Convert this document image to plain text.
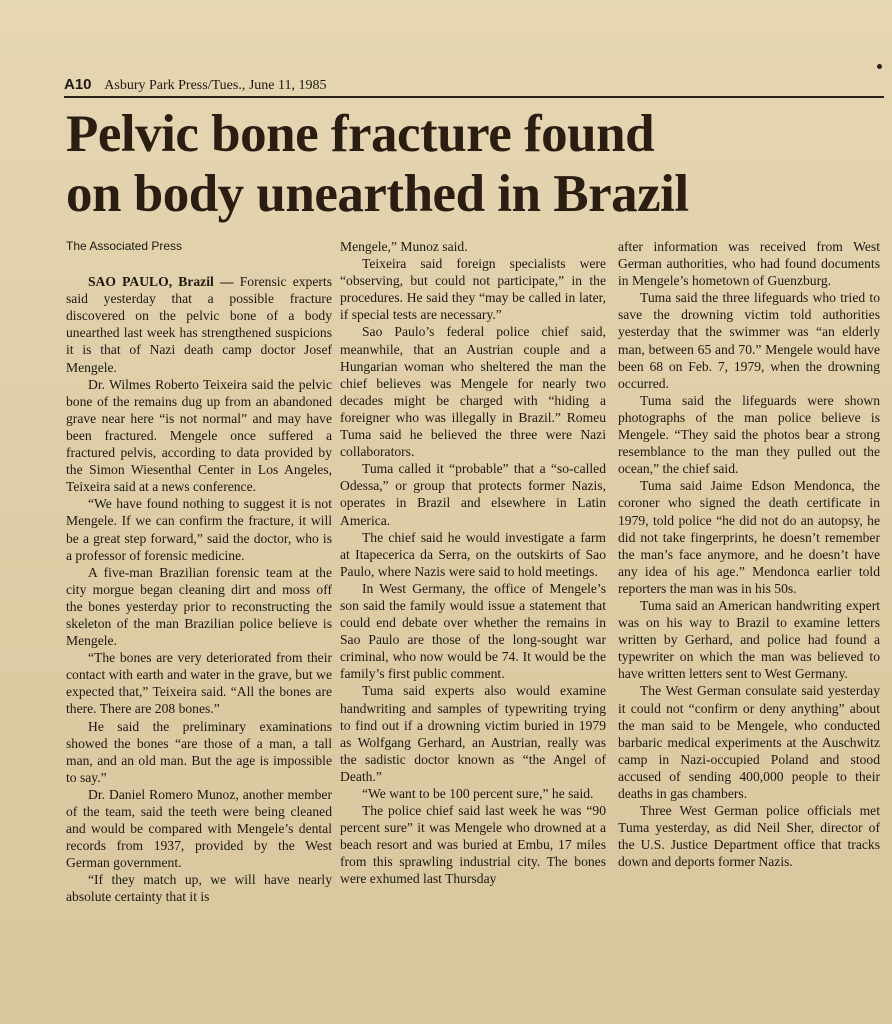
A10 Asbury Park Press/Tues., June 11, 1985
Pelvic bone fracture found
on body unearthed in Brazil

The Associated Press

SAO PAULO, Brazil — Forensic experts said yesterday that a possible fracture discovered on the pelvic bone of a body unearthed last week has strengthened suspicions it is that of Nazi death camp doctor Josef Mengele.

Dr. Wilmes Roberto Teixeira said the pelvic bone of the remains dug up from an abandoned grave near here “is not normal” and may have been fractured. Mengele once suffered a fractured pelvis, according to data provided by the Simon Wiesenthal Center in Los Angeles, Teixeira said at a news conference.

“We have found nothing to suggest it is not Mengele. If we can confirm the fracture, it will be a great step forward,” said the doctor, who is a professor of forensic medicine.

A five-man Brazilian forensic team at the city morgue began cleaning dirt and moss off the bones yesterday prior to reconstructing the skeleton of the man Brazilian police believe is Mengele.

“The bones are very deteriorated from their contact with earth and water in the grave, but we expected that,” Teixeira said. “All the bones are there. There are 208 bones.”

He said the preliminary examinations showed the bones “are those of a man, a tall man, and an old man. But the age is impossible to say.”

Dr. Daniel Romero Munoz, another member of the team, said the teeth were being cleaned and would be compared with Mengele’s dental records from 1937, provided by the West German government.

“If they match up, we will have nearly absolute certainty that it is

Mengele,” Munoz said.

Teixeira said foreign specialists were “observing, but could not participate,” in the procedures. He said they “may be called in later, if special tests are necessary.”

Sao Paulo’s federal police chief said, meanwhile, that an Austrian couple and a Hungarian woman who sheltered the man the chief believes was Mengele for nearly two decades might be charged with “hiding a foreigner who was illegally in Brazil.” Romeu Tuma said he believed the three were Nazi collaborators.

Tuma called it “probable” that a “so-called Odessa,” or group that protects former Nazis, operates in Brazil and elsewhere in Latin America.

The chief said he would investigate a farm at Itapecerica da Serra, on the outskirts of Sao Paulo, where Nazis were said to hold meetings.

In West Germany, the office of Mengele’s son said the family would issue a statement that could end debate over whether the remains in Sao Paulo are those of the long-sought war criminal, who now would be 74. It would be the family’s first public comment.

Tuma said experts also would examine handwriting and samples of typewriting trying to find out if a drowning victim buried in 1979 as Wolfgang Gerhard, an Austrian, really was the sadistic doctor known as “the Angel of Death.”

“We want to be 100 percent sure,” he said.

The police chief said last week he was “90 percent sure” it was Mengele who drowned at a beach resort and was buried at Embu, 17 miles from this sprawling industrial city. The bones were exhumed last Thursday

after information was received from West German authorities, who had found documents in Mengele’s hometown of Guenzburg.

Tuma said the three lifeguards who tried to save the drowning victim told authorities yesterday that the swimmer was “an elderly man, between 65 and 70.” Mengele would have been 68 on Feb. 7, 1979, when the drowning occurred.

Tuma said the lifeguards were shown photographs of the man police believe is Mengele. “They said the photos bear a strong resemblance to the man they pulled out the ocean,” the chief said.

Tuma said Jaime Edson Mendonca, the coroner who signed the death certificate in 1979, told police “he did not do an autopsy, he did not take fingerprints, he doesn’t remember the man’s face anymore, and he doesn’t have any idea of his age.” Mendonca earlier told reporters the man was in his 50s.

Tuma said an American handwriting expert was on his way to Brazil to examine letters written by Gerhard, and police had found a typewriter on which the man was believed to have written letters sent to West Germany.

The West German consulate said yesterday it could not “confirm or deny anything” about the man said to be Mengele, who conducted barbaric medical experiments at the Auschwitz camp in Nazi-occupied Poland and stood accused of sending 400,000 people to their deaths in gas chambers.

Three West German police officials met Tuma yesterday, as did Neil Sher, director of the U.S. Justice Department office that tracks down and deports former Nazis.
